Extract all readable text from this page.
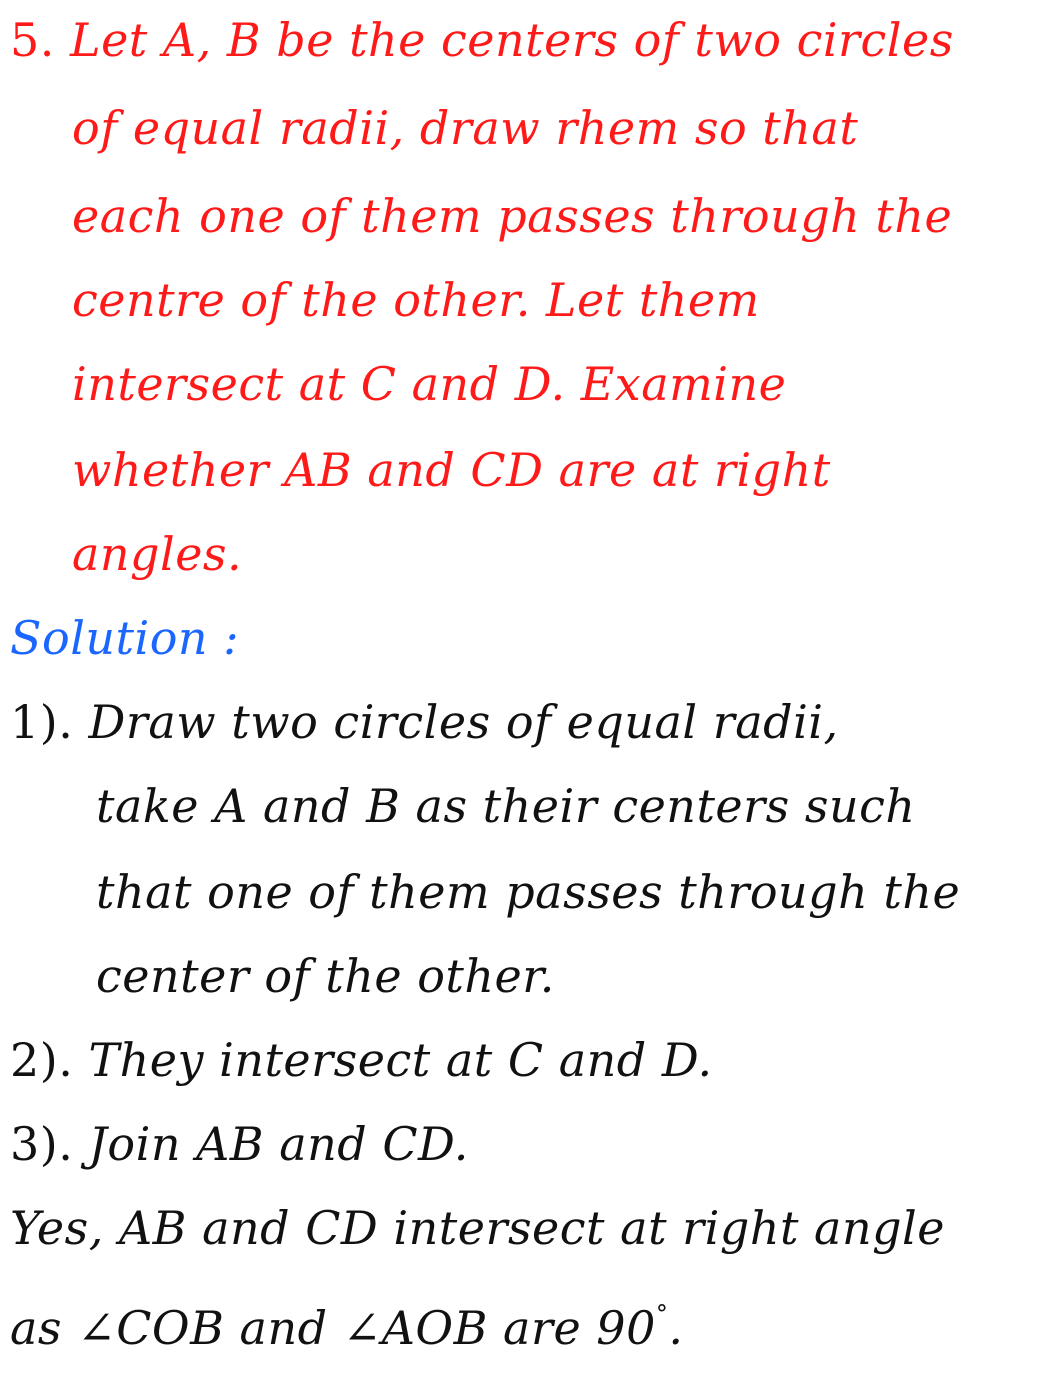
5. Let A, B be the centers of two circles
of equal radii, draw rhem so that
each one of them passes through the
centre of the other. Let them
intersect at C and D. Examine
whether AB and CD are at right
angles.
Solution :
1). Draw two circles of equal radii,
take A and B as their centers such
that one of them passes through the
center of the other.
2). They intersect at C and D.
3). Join AB and CD.
Yes, AB and CD intersect at right angle
as ∠COB and ∠AOB are 90°.
